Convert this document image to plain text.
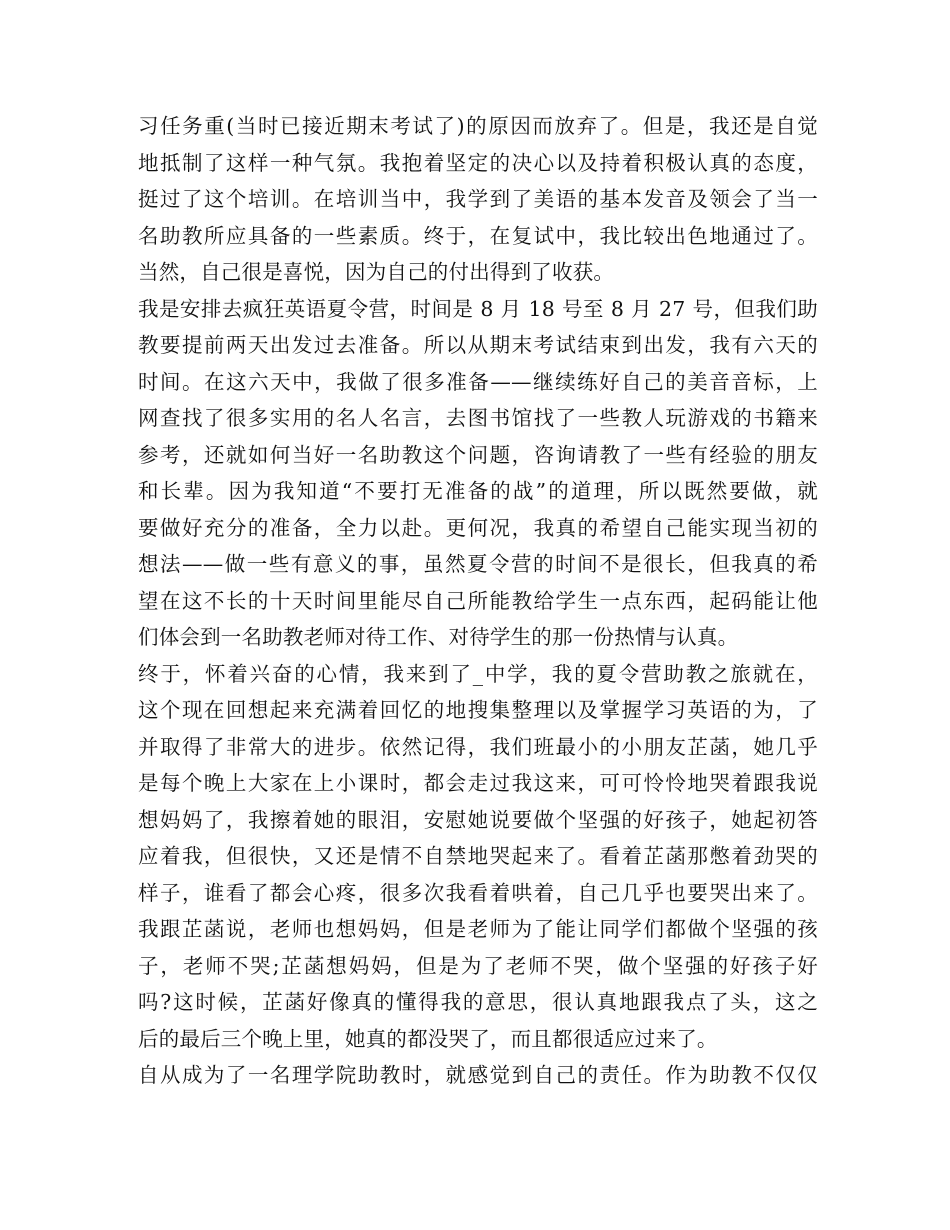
习任务重(当时已接近期末考试了)的原因而放弃了。但是，我还是自觉
地抵制了这样一种气氛。我抱着坚定的决心以及持着积极认真的态度，
挺过了这个培训。在培训当中，我学到了美语的基本发音及领会了当一
名助教所应具备的一些素质。终于，在复试中，我比较出色地通过了。
当然，自己很是喜悦，因为自己的付出得到了收获。
我是安排去疯狂英语夏令营，时间是 8 月 18 号至 8 月 27 号，但我们助
教要提前两天出发过去准备。所以从期末考试结束到出发，我有六天的
时间。在这六天中，我做了很多准备——继续练好自己的美音音标，上
网查找了很多实用的名人名言，去图书馆找了一些教人玩游戏的书籍来
参考，还就如何当好一名助教这个问题，咨询请教了一些有经验的朋友
和长辈。因为我知道“不要打无准备的战”的道理，所以既然要做，就
要做好充分的准备，全力以赴。更何况，我真的希望自己能实现当初的
想法——做一些有意义的事，虽然夏令营的时间不是很长，但我真的希
望在这不长的十天时间里能尽自己所能教给学生一点东西，起码能让他
们体会到一名助教老师对待工作、对待学生的那一份热情与认真。
终于，怀着兴奋的心情，我来到了_中学，我的夏令营助教之旅就在，
这个现在回想起来充满着回忆的地搜集整理以及掌握学习英语的为，了
并取得了非常大的进步。依然记得，我们班最小的小朋友芷菡，她几乎
是每个晚上大家在上小课时，都会走过我这来，可可怜怜地哭着跟我说
想妈妈了，我擦着她的眼泪，安慰她说要做个坚强的好孩子，她起初答
应着我，但很快，又还是情不自禁地哭起来了。看着芷菡那憋着劲哭的
样子，谁看了都会心疼，很多次我看着哄着，自己几乎也要哭出来了。
我跟芷菡说，老师也想妈妈，但是老师为了能让同学们都做个坚强的孩
子，老师不哭;芷菡想妈妈，但是为了老师不哭，做个坚强的好孩子好
吗?这时候，芷菡好像真的懂得我的意思，很认真地跟我点了头，这之
后的最后三个晚上里，她真的都没哭了，而且都很适应过来了。
自从成为了一名理学院助教时，就感觉到自己的责任。作为助教不仅仅
